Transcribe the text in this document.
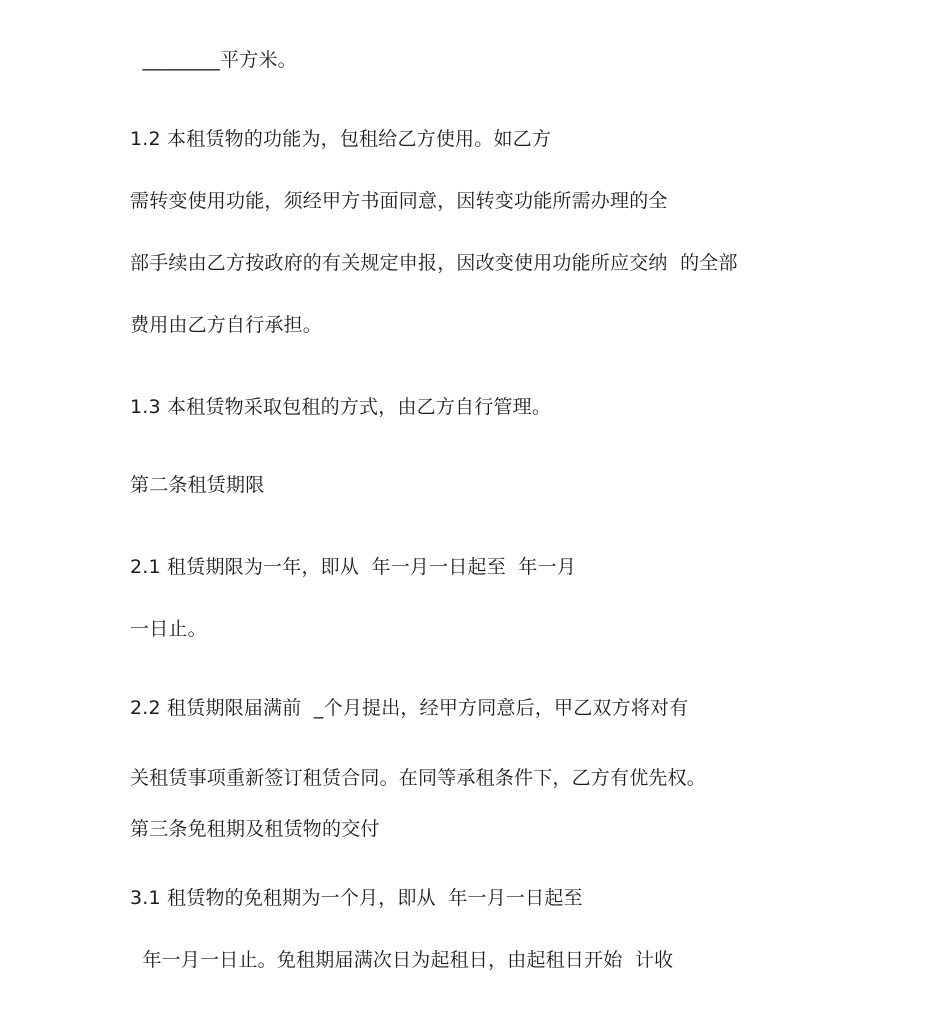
________平方米。
1.2 本租赁物的功能为，包租给乙方使用。如乙方
需转变使用功能，须经甲方书面同意，因转变功能所需办理的全
部手续由乙方按政府的有关规定申报，因改变使用功能所应交纳  的全部
费用由乙方自行承担。
1.3 本租赁物采取包租的方式，由乙方自行管理。
第二条租赁期限
2.1 租赁期限为一年，即从  年一月一日起至  年一月
一日止。
2.2 租赁期限届满前  _个月提出，经甲方同意后，甲乙双方将对有
关租赁事项重新签订租赁合同。在同等承租条件下，乙方有优先权。
第三条免租期及租赁物的交付
3.1 租赁物的免租期为一个月，即从  年一月一日起至
年一月一日止。免租期届满次日为起租日，由起租日开始  计收
